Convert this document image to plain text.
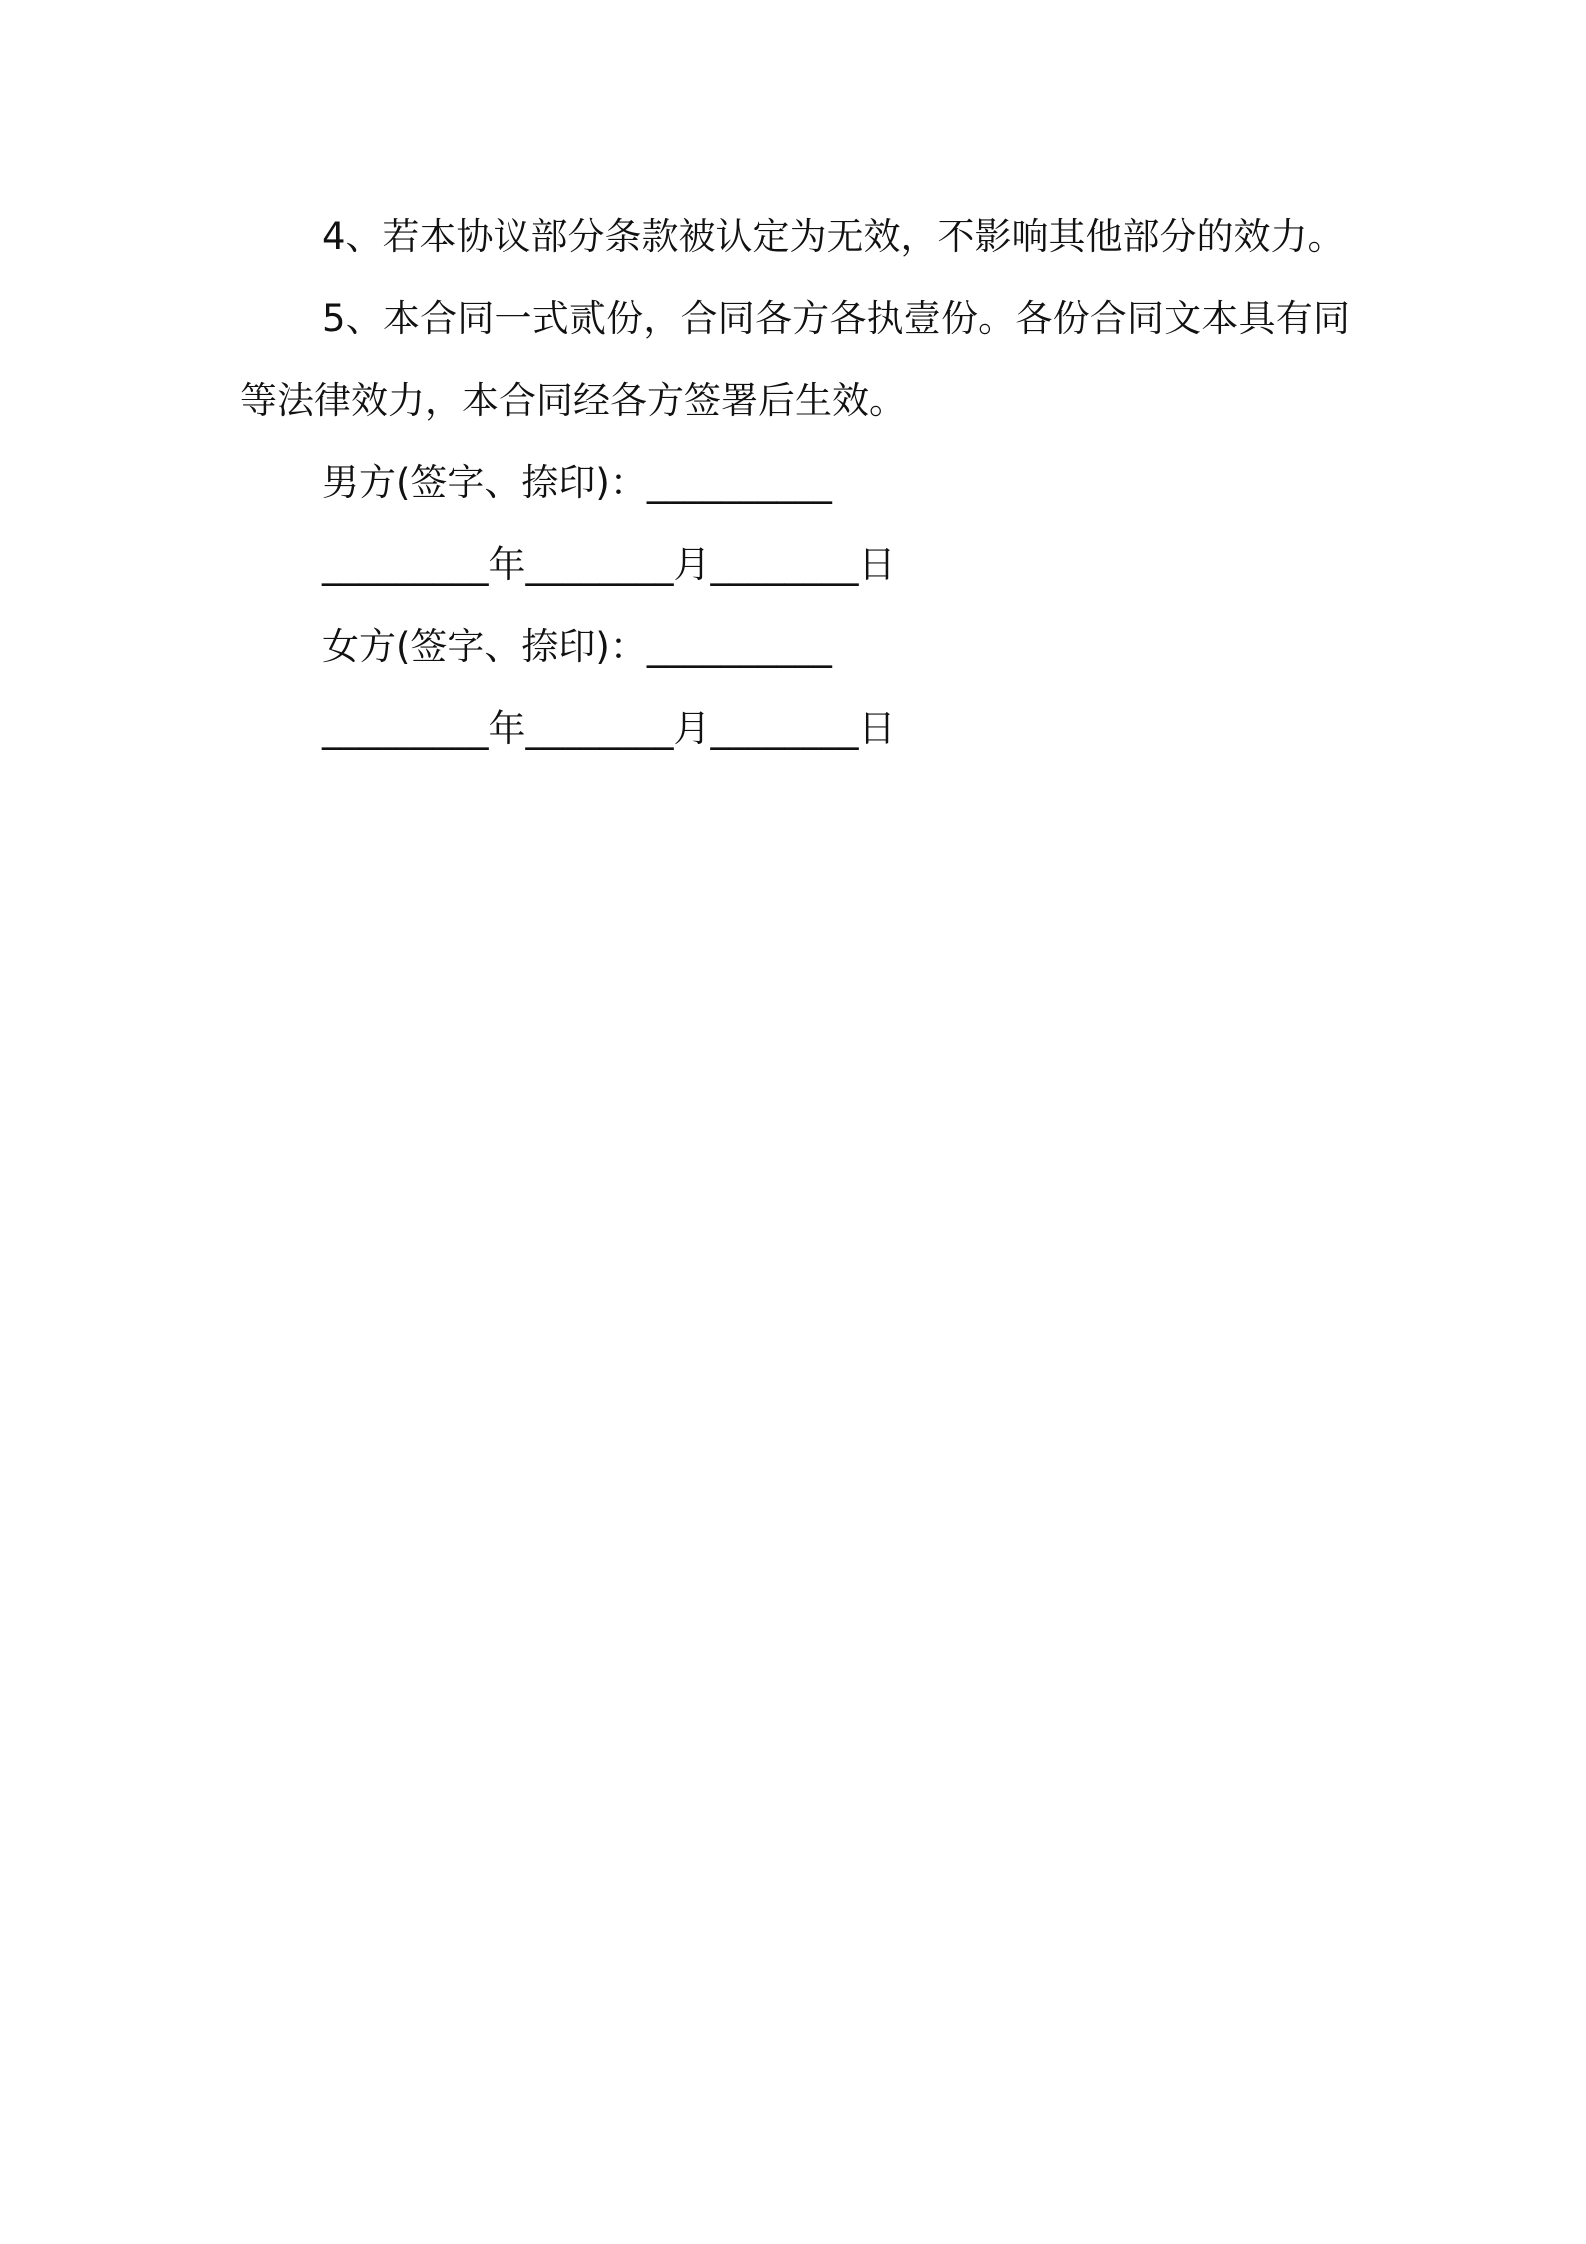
4、若本协议部分条款被认定为无效，不影响其他部分的效力。

5、本合同一式贰份，合同各方各执壹份。各份合同文本具有同等法律效力，本合同经各方签署后生效。

男方(签字、捺印)：__________

_________年________月________日

女方(签字、捺印)：__________

_________年________月________日
